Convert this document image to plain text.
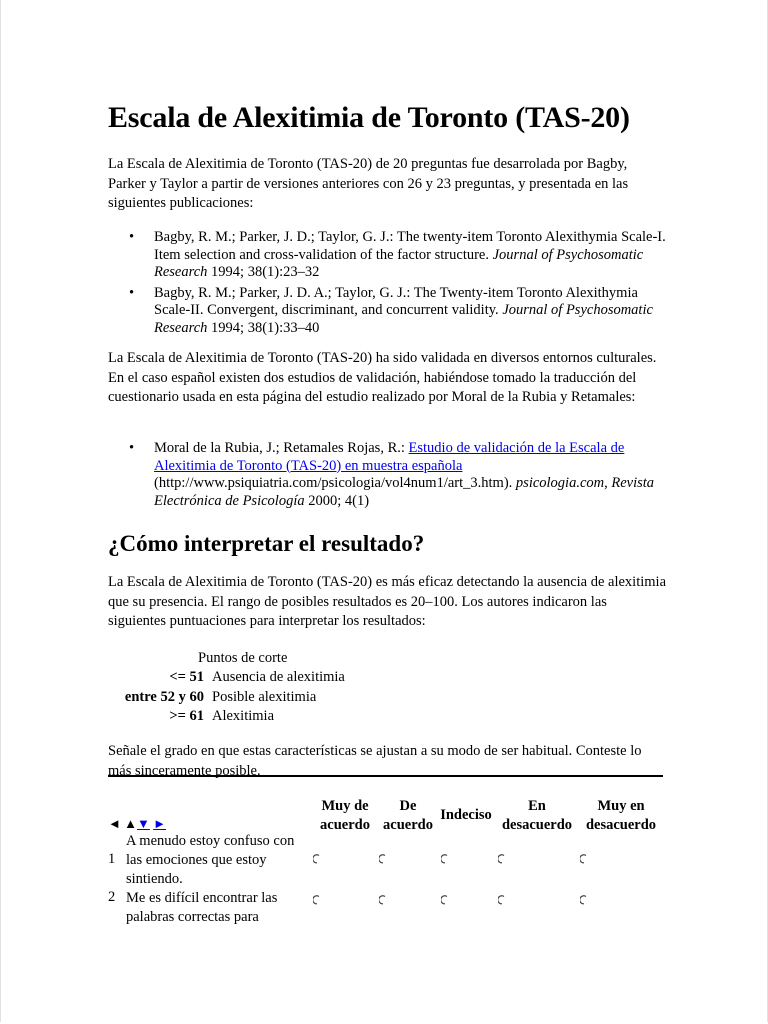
Escala de Alexitimia de Toronto (TAS-20)

La Escala de Alexitimia de Toronto (TAS-20) de 20 preguntas fue desarrolada por Bagby, Parker y Taylor a partir de versiones anteriores con 26 y 23 preguntas, y presentada en las siguientes publicaciones:

• Bagby, R. M.; Parker, J. D.; Taylor, G. J.: The twenty-item Toronto Alexithymia Scale-I. Item selection and cross-validation of the factor structure. Journal of Psychosomatic Research 1994; 38(1):23–32
• Bagby, R. M.; Parker, J. D. A.; Taylor, G. J.: The Twenty-item Toronto Alexithymia Scale-II. Convergent, discriminant, and concurrent validity. Journal of Psychosomatic Research 1994; 38(1):33–40

La Escala de Alexitimia de Toronto (TAS-20) ha sido validada en diversos entornos culturales. En el caso español existen dos estudios de validación, habiéndose tomado la traducción del cuestionario usada en esta página del estudio realizado por Moral de la Rubia y Retamales:

• Moral de la Rubia, J.; Retamales Rojas, R.: Estudio de validación de la Escala de Alexitimia de Toronto (TAS-20) en muestra española (http://www.psiquiatria.com/psicologia/vol4num1/art_3.htm). psicologia.com, Revista Electrónica de Psicología 2000; 4(1)
¿Cómo interpretar el resultado?

La Escala de Alexitimia de Toronto (TAS-20) es más eficaz detectando la ausencia de alexitimia que su presencia. El rango de posibles resultados es 20–100. Los autores indicaron las siguientes puntuaciones para interpretar los resultados:

Puntos de corte
<= 51 Ausencia de alexitimia
entre 52 y 60 Posible alexitimia
>= 61 Alexitimia

Señale el grado en que estas características se ajustan a su modo de ser habitual. Conteste lo más sinceramente posible.

◄ ▲▼ ►
Muy de
acuerdo
De
acuerdo
Indeciso
En
desacuerdo
Muy en
desacuerdo
1
A menudo estoy confuso con las emociones que estoy sintiendo.
2 Me es difícil encontrar las palabras correctas para
